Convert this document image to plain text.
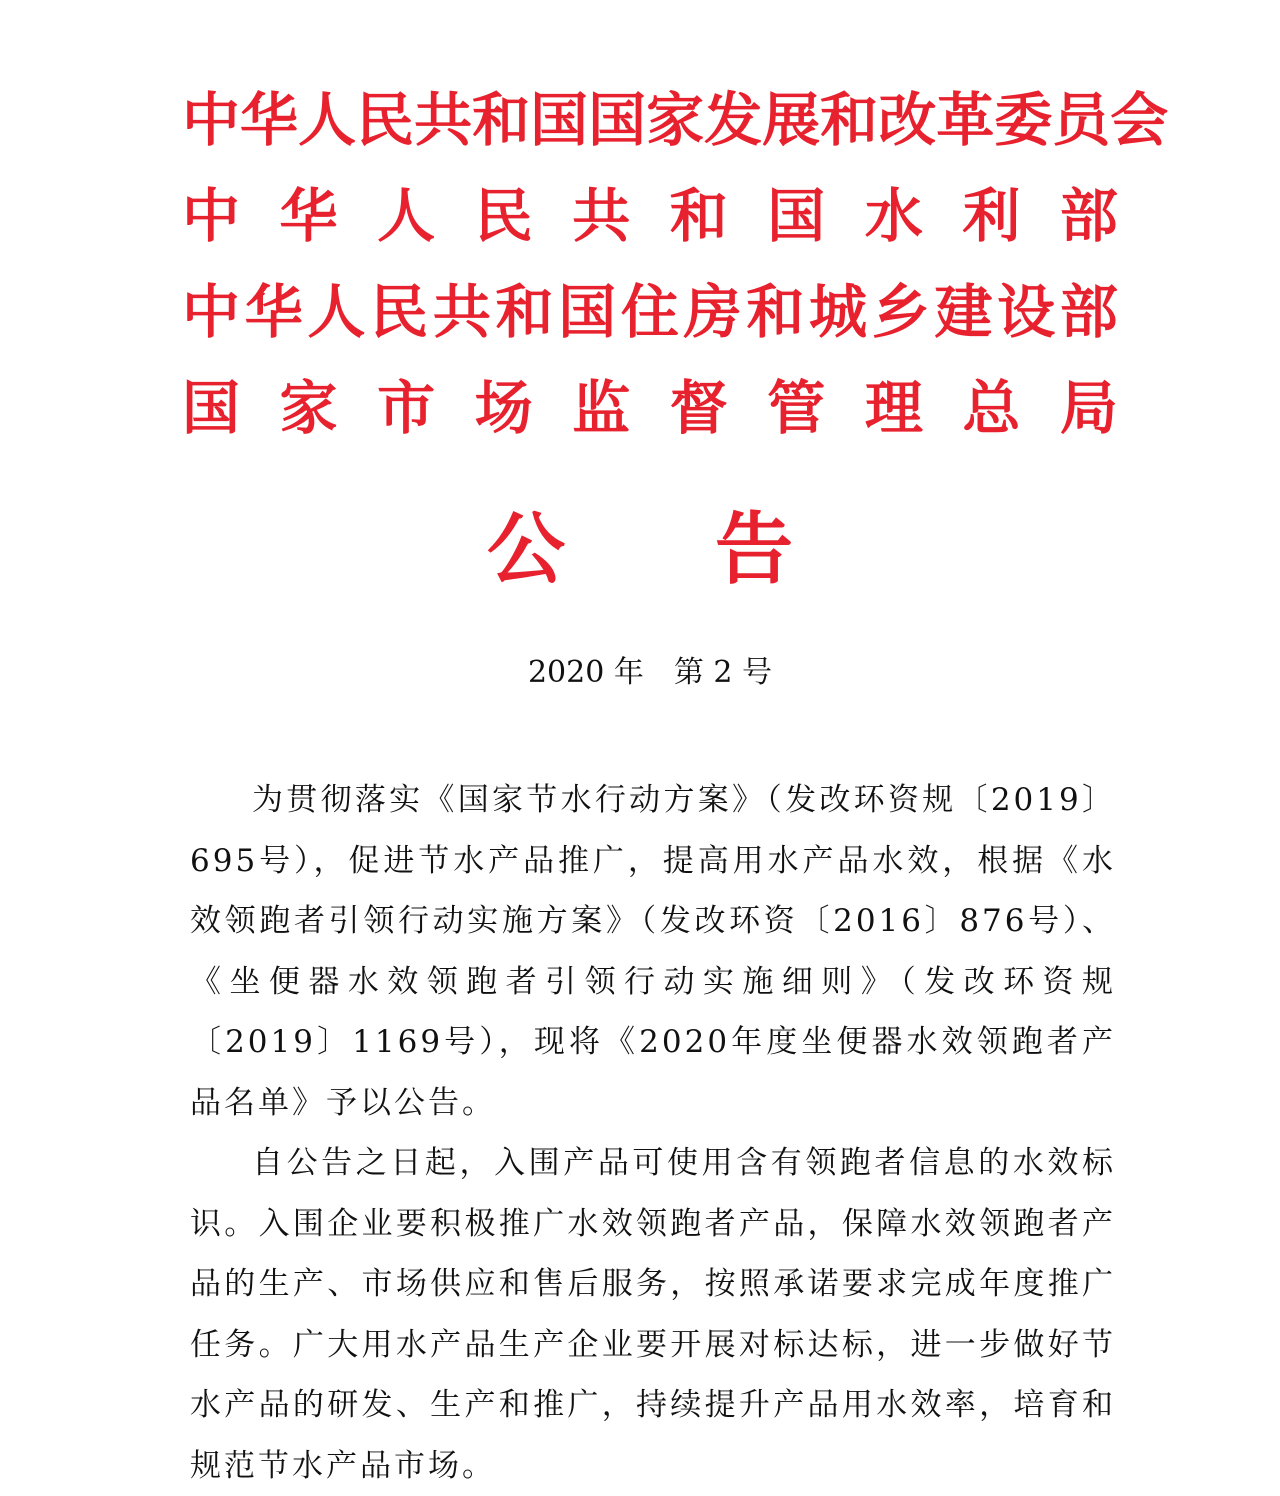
中 华 人 民 共 和 国 国 家 发 展 和 改 革 委 员 会
中 华 人 民 共 和 国 水 利 部
中 华 人 民 共 和 国 住 房 和 城 乡 建 设 部
国 家 市 场 监 督 管 理 总 局
公 告
2020 年　 第 2 号

为贯彻落实《国家节水行动方案》（发改环资规〔2019〕695号），促进节水产品推广，提高用水产品水效，根据《水效领跑者引领行动实施方案》（发改环资〔2016〕876号）、《坐便器水效领跑者引领行动实施细则》（发改环资规〔2019〕1169号），现将《2020年度坐便器水效领跑者产品名单》予以公告。

自公告之日起，入围产品可使用含有领跑者信息的水效标识。入围企业要积极推广水效领跑者产品，保障水效领跑者产品的生产、市场供应和售后服务，按照承诺要求完成年度推广任务。广大用水产品生产企业要开展对标达标，进一步做好节水产品的研发、生产和推广，持续提升产品用水效率，培育和规范节水产品市场。
